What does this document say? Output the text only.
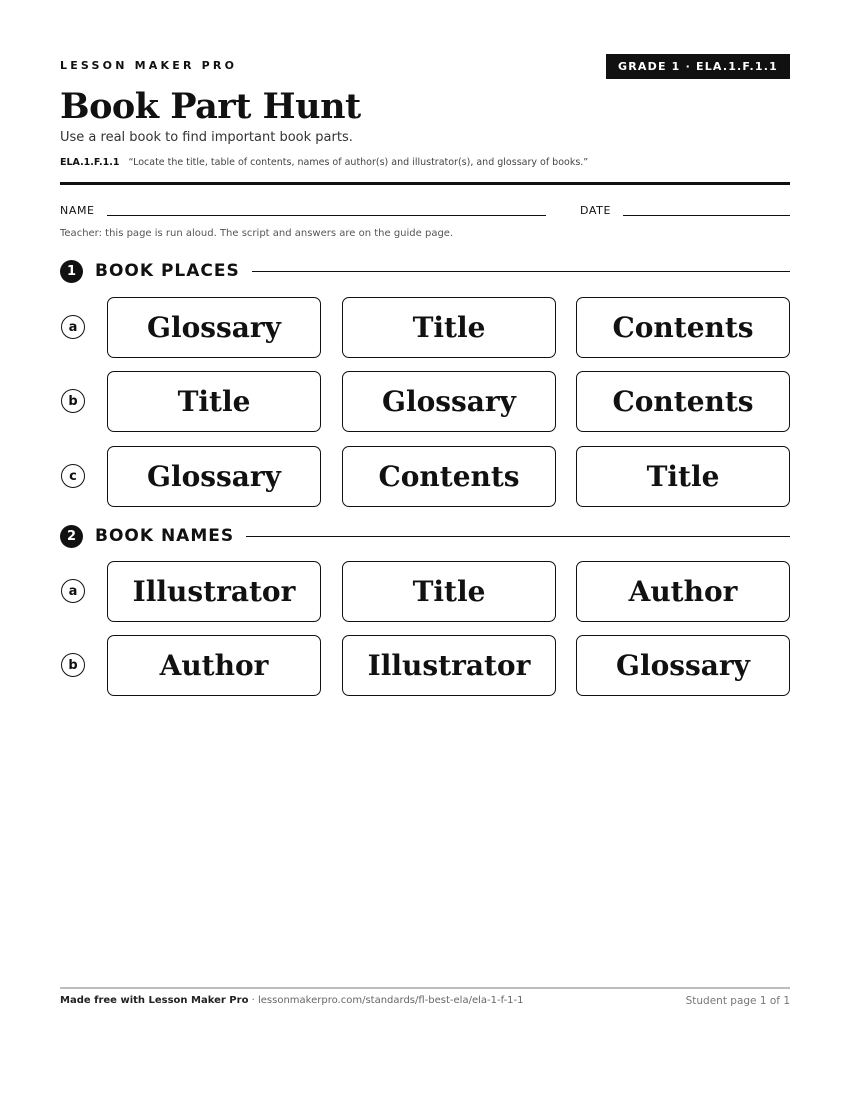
LESSON MAKER PRO	GRADE 1 · ELA.1.F.1.1
Book Part Hunt
Use a real book to find important book parts.
ELA.1.F.1.1 “Locate the title, table of contents, names of author(s) and illustrator(s), and glossary of books.”
NAME	DATE
Teacher: this page is run aloud. The script and answers are on the guide page.
1	BOOK PLACES
a	Glossary	Title	Contents
b	Title	Glossary	Contents
c	Glossary	Contents	Title
2	BOOK NAMES
a	Illustrator	Title	Author
b	Author	Illustrator	Glossary
Made free with Lesson Maker Pro · lessonmakerpro.com/standards/fl-best-ela/ela-1-f-1-1	Student page 1 of 1
